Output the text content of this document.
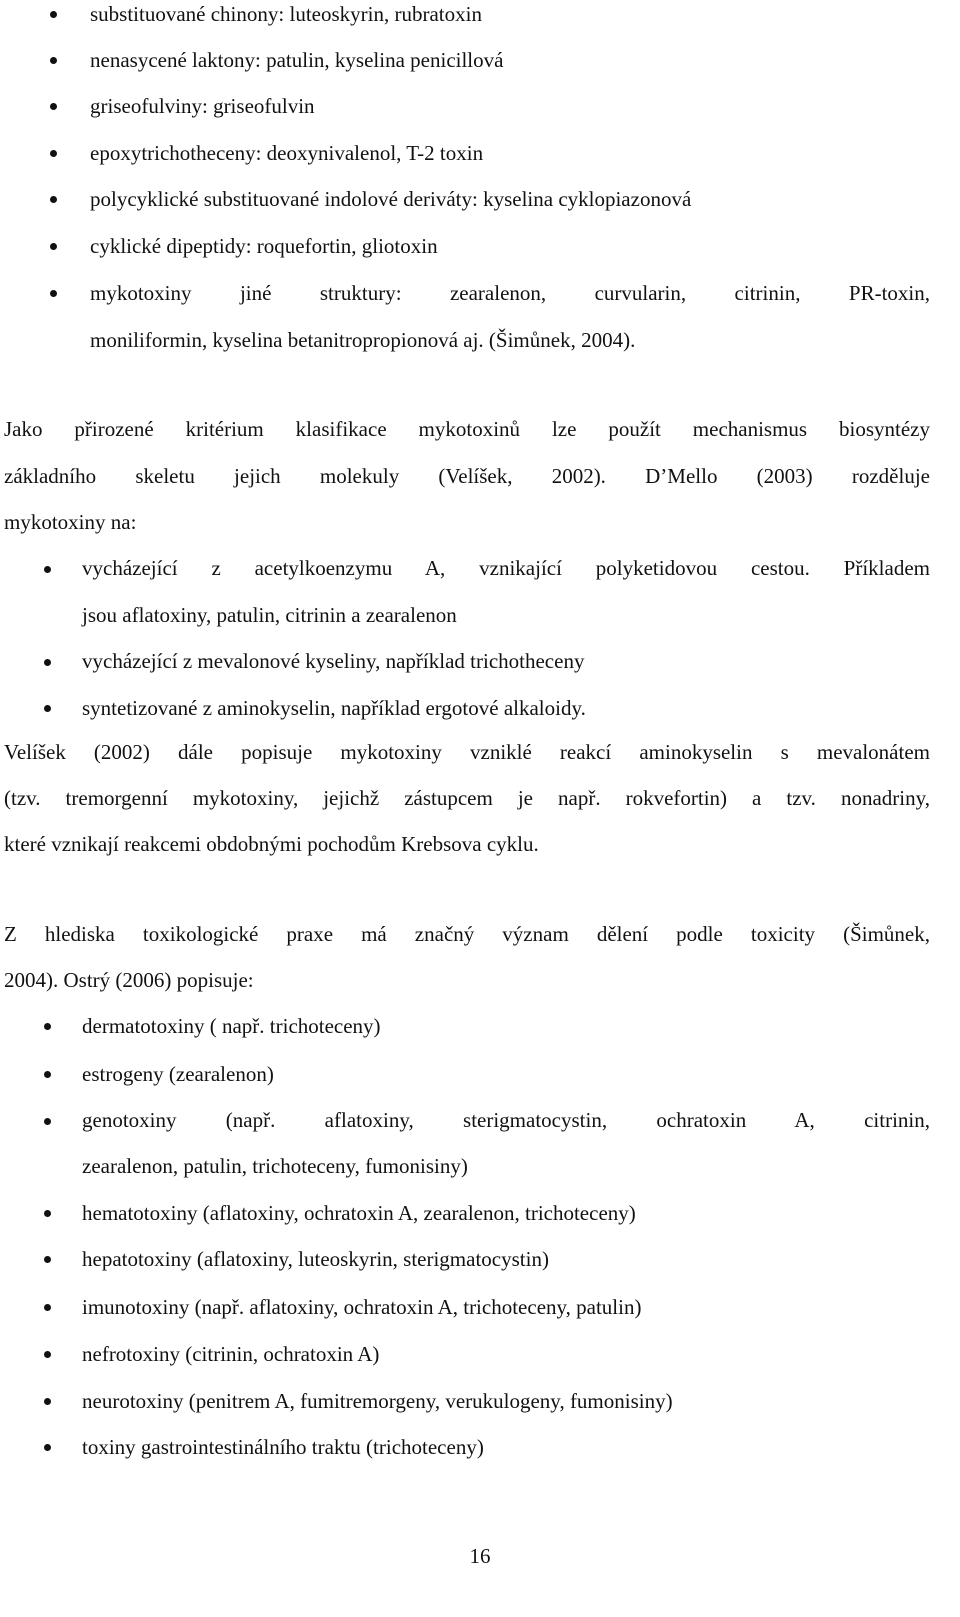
substituované chinony: luteoskyrin, rubratoxin
nenasycené laktony: patulin, kyselina penicillová
griseofulviny: griseofulvin
epoxytrichotheceny: deoxynivalenol, T-2 toxin
polycyklické substituované indolové deriváty: kyselina cyklopiazonová
cyklické dipeptidy: roquefortin, gliotoxin
mykotoxiny jiné struktury: zearalenon, curvularin, citrinin, PR-toxin,
moniliformin, kyselina betanitropropionová aj. (Šimůnek, 2004).
Jako přirozené kritérium klasifikace mykotoxinů lze použít mechanismus biosyntézy
základního skeletu jejich molekuly (Velíšek, 2002). D’Mello (2003) rozděluje
mykotoxiny na:
vycházející z acetylkoenzymu A, vznikající polyketidovou cestou. Příkladem
jsou aflatoxiny, patulin, citrinin a zearalenon
vycházející z mevalonové kyseliny, například trichotheceny
syntetizované z aminokyselin, například ergotové alkaloidy.
Velíšek (2002) dále popisuje mykotoxiny vzniklé reakcí aminokyselin s mevalonátem
(tzv. tremorgenní mykotoxiny, jejichž zástupcem je např. rokvefortin) a tzv. nonadriny,
které vznikají reakcemi obdobnými pochodům Krebsova cyklu.
Z hlediska toxikologické praxe má značný význam dělení podle toxicity (Šimůnek,
2004). Ostrý (2006) popisuje:
dermatotoxiny ( např. trichoteceny)
estrogeny (zearalenon)
genotoxiny (např. aflatoxiny, sterigmatocystin, ochratoxin A, citrinin,
zearalenon, patulin, trichoteceny, fumonisiny)
hematotoxiny (aflatoxiny, ochratoxin A, zearalenon, trichoteceny)
hepatotoxiny (aflatoxiny, luteoskyrin, sterigmatocystin)
imunotoxiny (např. aflatoxiny, ochratoxin A, trichoteceny, patulin)
nefrotoxiny (citrinin, ochratoxin A)
neurotoxiny (penitrem A, fumitremorgeny, verukulogeny, fumonisiny)
toxiny gastrointestinálního traktu (trichoteceny)
16
